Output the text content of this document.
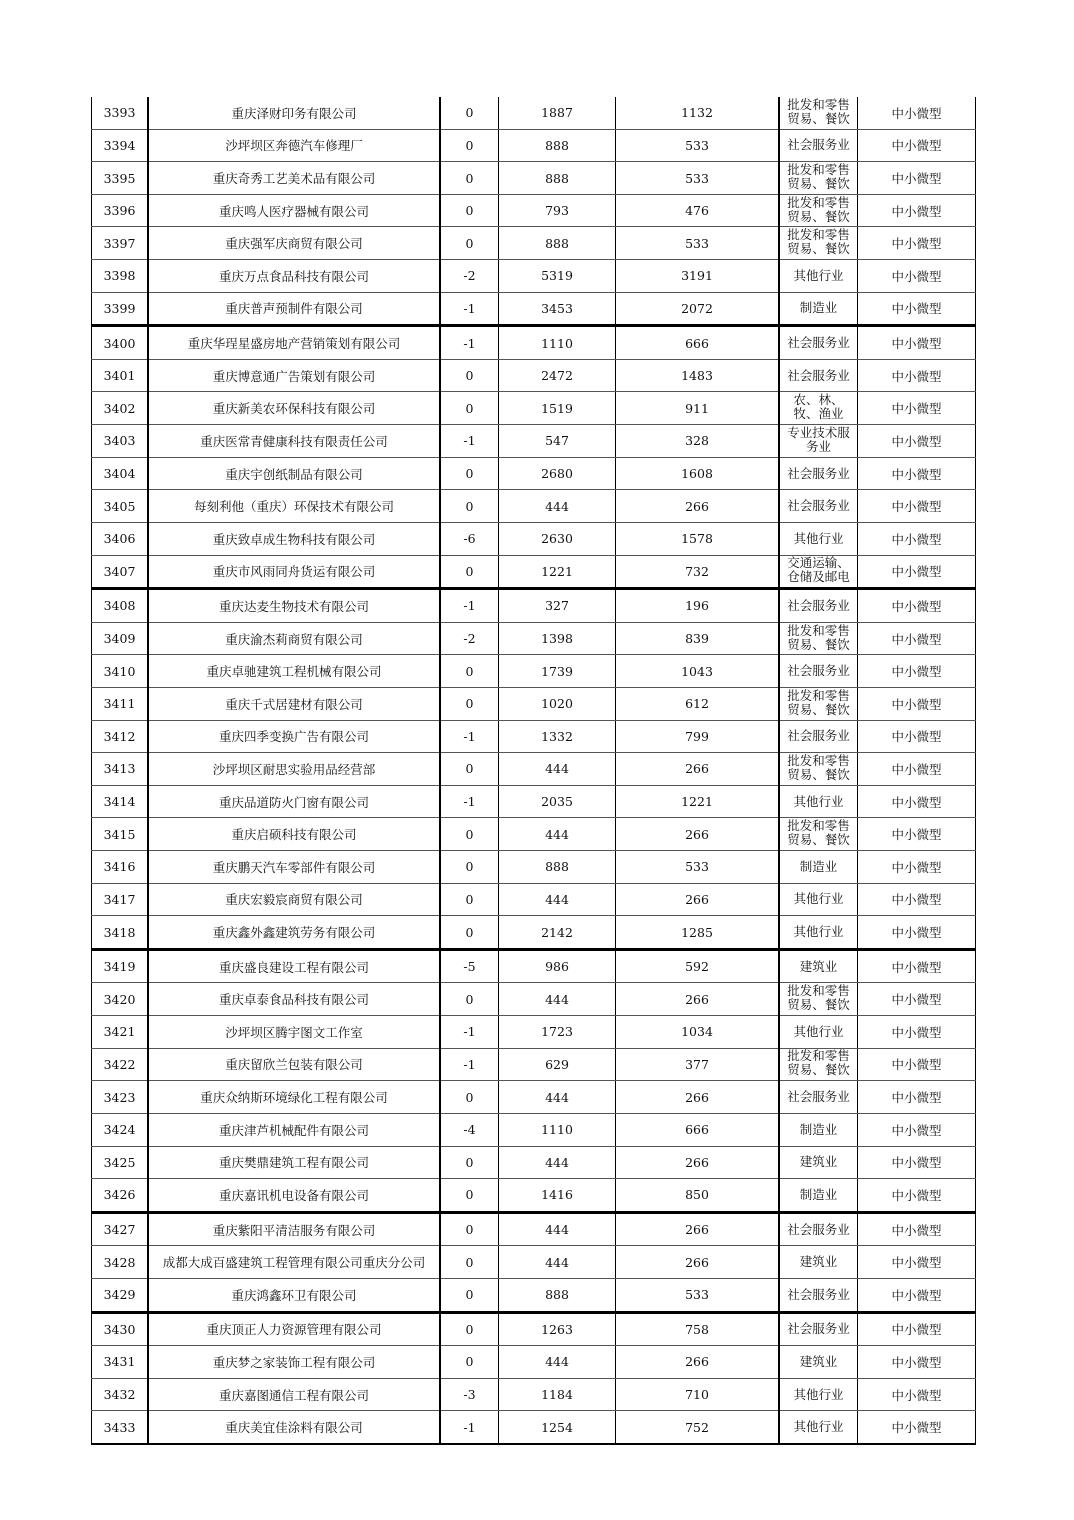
3393	重庆泽财印务有限公司	0	1887	1132	批发和零售贸易、餐饮	中小微型
3394	沙坪坝区奔德汽车修理厂	0	888	533	社会服务业	中小微型
3395	重庆奇秀工艺美术品有限公司	0	888	533	批发和零售贸易、餐饮	中小微型
3396	重庆鸣人医疗器械有限公司	0	793	476	批发和零售贸易、餐饮	中小微型
3397	重庆强军庆商贸有限公司	0	888	533	批发和零售贸易、餐饮	中小微型
3398	重庆万点食品科技有限公司	-2	5319	3191	其他行业	中小微型
3399	重庆普声预制件有限公司	-1	3453	2072	制造业	中小微型
3400	重庆华珵星盛房地产营销策划有限公司	-1	1110	666	社会服务业	中小微型
3401	重庆博意通广告策划有限公司	0	2472	1483	社会服务业	中小微型
3402	重庆新美农环保科技有限公司	0	1519	911	农、林、牧、渔业	中小微型
3403	重庆医常青健康科技有限责任公司	-1	547	328	专业技术服务业	中小微型
3404	重庆宇创纸制品有限公司	0	2680	1608	社会服务业	中小微型
3405	每刻利他（重庆）环保技术有限公司	0	444	266	社会服务业	中小微型
3406	重庆致卓成生物科技有限公司	-6	2630	1578	其他行业	中小微型
3407	重庆市风雨同舟货运有限公司	0	1221	732	交通运输、仓储及邮电	中小微型
3408	重庆达麦生物技术有限公司	-1	327	196	社会服务业	中小微型
3409	重庆渝杰莉商贸有限公司	-2	1398	839	批发和零售贸易、餐饮	中小微型
3410	重庆卓驰建筑工程机械有限公司	0	1739	1043	社会服务业	中小微型
3411	重庆千式居建材有限公司	0	1020	612	批发和零售贸易、餐饮	中小微型
3412	重庆四季变换广告有限公司	-1	1332	799	社会服务业	中小微型
3413	沙坪坝区耐思实验用品经营部	0	444	266	批发和零售贸易、餐饮	中小微型
3414	重庆品道防火门窗有限公司	-1	2035	1221	其他行业	中小微型
3415	重庆启硕科技有限公司	0	444	266	批发和零售贸易、餐饮	中小微型
3416	重庆鹏天汽车零部件有限公司	0	888	533	制造业	中小微型
3417	重庆宏毅宸商贸有限公司	0	444	266	其他行业	中小微型
3418	重庆鑫外鑫建筑劳务有限公司	0	2142	1285	其他行业	中小微型
3419	重庆盛良建设工程有限公司	-5	986	592	建筑业	中小微型
3420	重庆卓泰食品科技有限公司	0	444	266	批发和零售贸易、餐饮	中小微型
3421	沙坪坝区腾宇图文工作室	-1	1723	1034	其他行业	中小微型
3422	重庆留欣兰包装有限公司	-1	629	377	批发和零售贸易、餐饮	中小微型
3423	重庆众纳斯环境绿化工程有限公司	0	444	266	社会服务业	中小微型
3424	重庆津芦机械配件有限公司	-4	1110	666	制造业	中小微型
3425	重庆樊鼎建筑工程有限公司	0	444	266	建筑业	中小微型
3426	重庆嘉讯机电设备有限公司	0	1416	850	制造业	中小微型
3427	重庆紫阳平清洁服务有限公司	0	444	266	社会服务业	中小微型
3428	成都大成百盛建筑工程管理有限公司重庆分公司	0	444	266	建筑业	中小微型
3429	重庆鸿鑫环卫有限公司	0	888	533	社会服务业	中小微型
3430	重庆顶正人力资源管理有限公司	0	1263	758	社会服务业	中小微型
3431	重庆梦之家装饰工程有限公司	0	444	266	建筑业	中小微型
3432	重庆嘉图通信工程有限公司	-3	1184	710	其他行业	中小微型
3433	重庆美宜佳涂料有限公司	-1	1254	752	其他行业	中小微型
